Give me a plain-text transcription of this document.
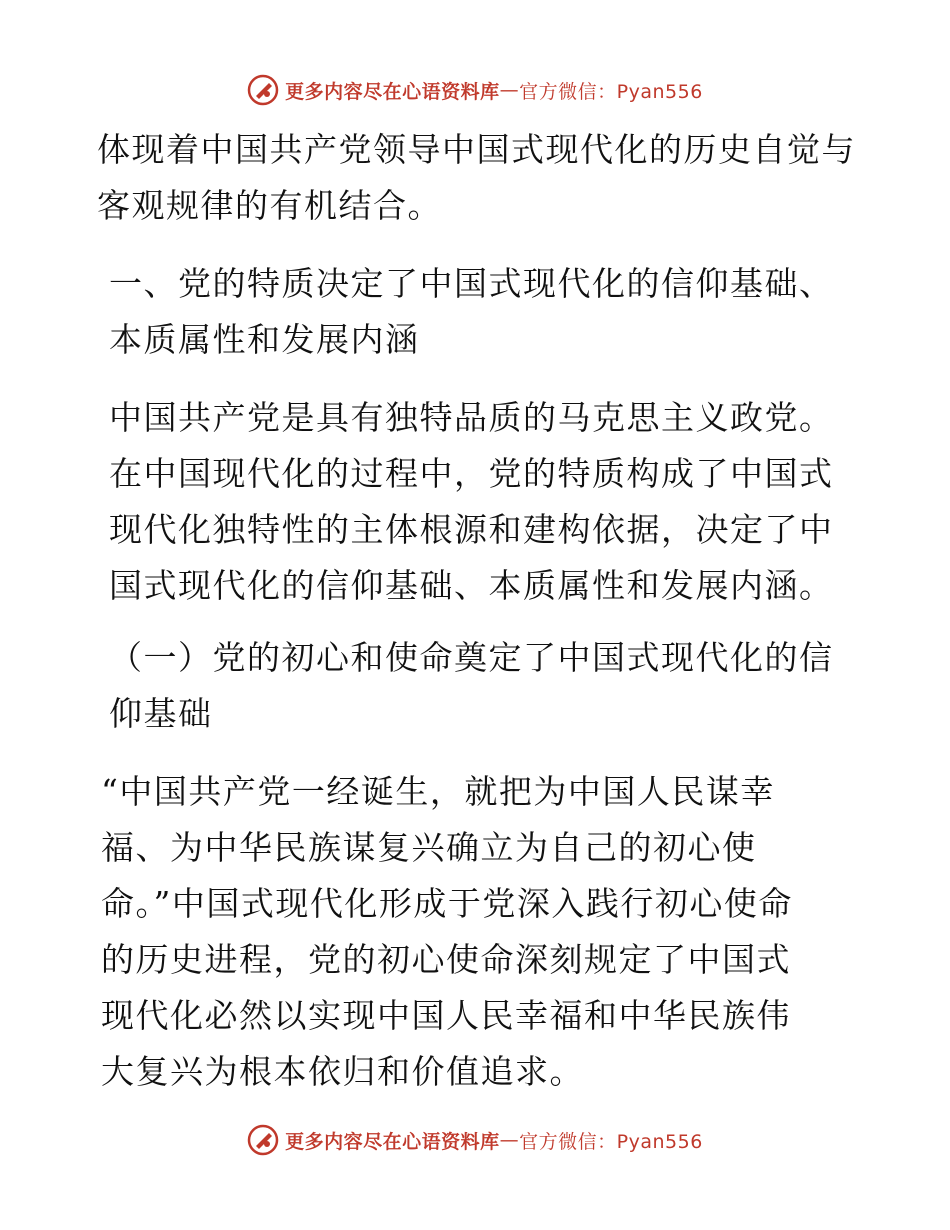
更多内容尽在心语资料库 — 官方微信：Pyan556

体现着中国共产党领导中国式现代化的历史自觉与客观规律的有机结合。

一、党的特质决定了中国式现代化的信仰基础、本质属性和发展内涵

中国共产党是具有独特品质的马克思主义政党。在中国现代化的过程中，党的特质构成了中国式现代化独特性的主体根源和建构依据，决定了中国式现代化的信仰基础、本质属性和发展内涵。

（一）党的初心和使命奠定了中国式现代化的信仰基础

“中国共产党一经诞生，就把为中国人民谋幸福、为中华民族谋复兴确立为自己的初心使命。”中国式现代化形成于党深入践行初心使命的历史进程，党的初心使命深刻规定了中国式现代化必然以实现中国人民幸福和中华民族伟大复兴为根本依归和价值追求。

更多内容尽在心语资料库 — 官方微信：Pyan556
